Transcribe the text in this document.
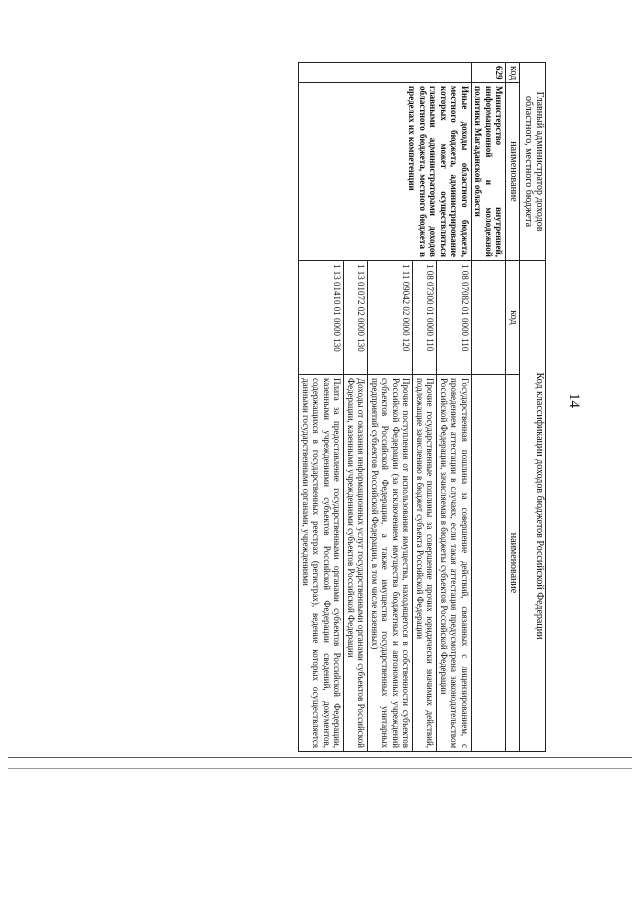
14
Главный администратор доходов областного, местного бюджета		Код классификации доходов бюджетов Российской Федерации	
код	наименование	код	наименование
629	Министерство внутренней, информационной и молодежной политики Магаданской области		
	Иные доходы областного бюджета, местного бюджета, администрирование которых может осуществляться главными администраторами доходов областного бюджета, местного бюджета в пределах их компетенции	1 08 07082 01 0000 110	Государственная пошлина за совершение действий, связанных с лицензированием, с проведением аттестации в случаях, если такая аттестация предусмотрена законодательством Российской Федерации, зачисляемая в бюджеты субъектов Российской Федерации
		1 08 07300 01 0000 110	Прочие государственные пошлины за совершение прочих юридически значимых действий, подлежащие зачислению в бюджет субъекта Российской Федерации
		1 11 09042 02 0000 120	Прочие поступления от использования имущества, находящегося в собственности субъектов Российской Федерации (за исключением имущества бюджетных и автономных учреждений субъектов Российской Федерации, а также имущества государственных унитарных предприятий субъектов Российской Федерации, в том числе казенных)
		1 13 01072 02 0000 130	Доходы от оказания информационных услуг государственными органами субъектов Российской Федерации, казенными учреждениями субъектов Российской Федерации
		1 13 01410 01 0000 130	Плата за предоставление государственными органами субъектов Российской Федерации, казенными учреждениями субъектов Российской Федерации сведений, документов, содержащихся в государственных реестрах (регистрах), ведение которых осуществляется данными государственными органами, учреждениями
